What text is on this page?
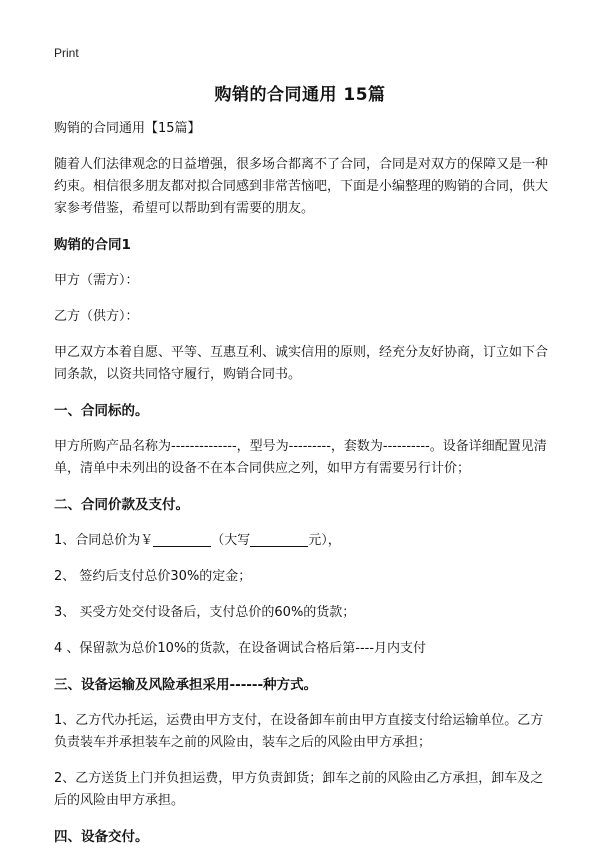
Print
购销的合同通用 15篇

购销的合同通用【15篇】

随着人们法律观念的日益增强，很多场合都离不了合同，合同是对双方的保障又是一种约束。相信很多朋友都对拟合同感到非常苦恼吧，下面是小编整理的购销的合同，供大家参考借鉴，希望可以帮助到有需要的朋友。

购销的合同1

甲方（需方）：

乙方（供方）：

甲乙双方本着自愿、平等、互惠互利、诚实信用的原则，经充分友好协商，订立如下合同条款，以资共同恪守履行，购销合同书。

一、合同标的。

甲方所购产品名称为--------------，型号为---------，套数为----------。设备详细配置见清单，清单中未列出的设备不在本合同供应之列，如甲方有需要另行计价；

二、合同价款及支付。

1、合同总价为￥	（大写	元），

2、 签约后支付总价30%的定金；

3、 买受方处交付设备后，支付总价的60%的货款；

4 、保留款为总价10%的货款，在设备调试合格后第----月内支付

三、设备运输及风险承担采用------种方式。

1、乙方代办托运，运费由甲方支付，在设备卸车前由甲方直接支付给运输单位。乙方负责装车并承担装车之前的风险由，装车之后的风险由甲方承担；

2、乙方送货上门并负担运费，甲方负责卸货；卸车之前的风险由乙方承担，卸车及之后的风险由甲方承担。

四、设备交付。
